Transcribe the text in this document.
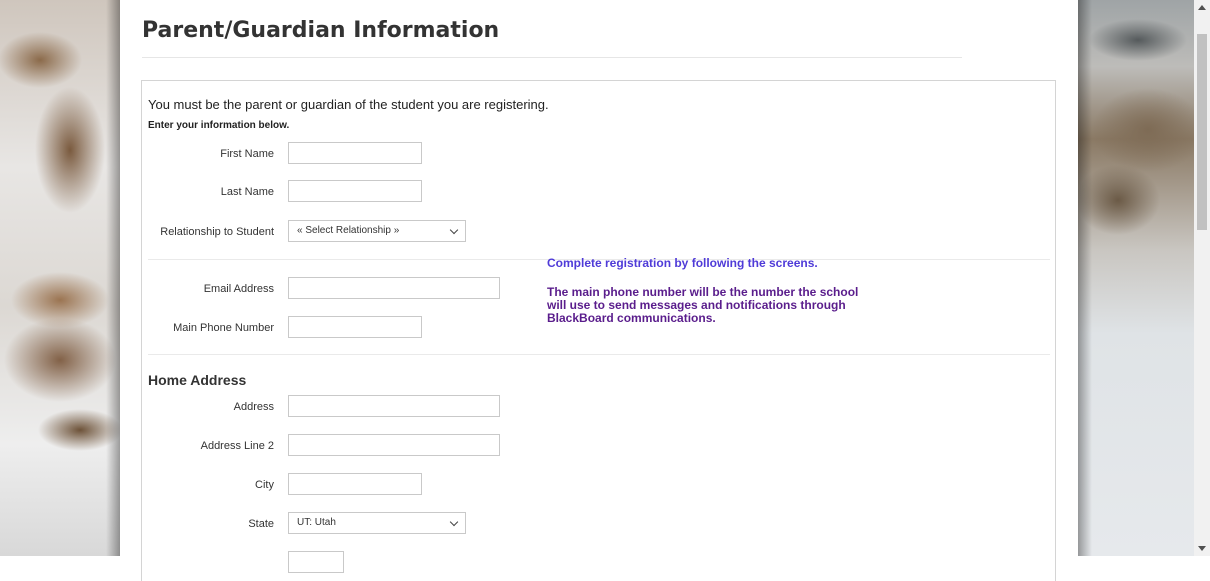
Parent/Guardian Information
You must be the parent or guardian of the student you are registering.
Enter your information below.
First Name
Last Name
Relationship to Student	« Select Relationship »
Complete registration by following the screens.
The main phone number will be the number the school will use to send messages and notifications through BlackBoard communications.
Email Address
Main Phone Number
Home Address
Address
Address Line 2
City
State	UT: Utah
